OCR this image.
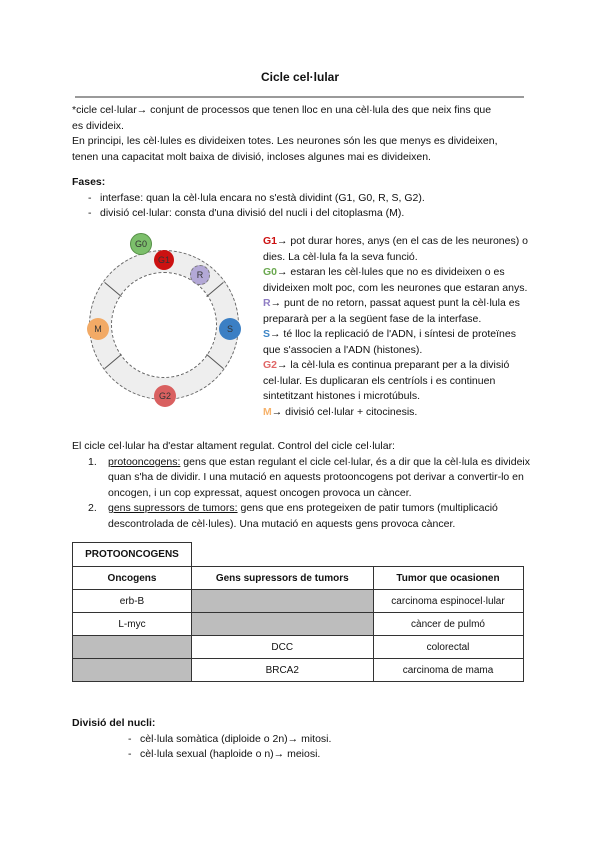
Cicle cel·lular
*cicle cel·lular→ conjunt de processos que tenen lloc en una cèl·lula des que neix fins que
es divideix.
En principi, les cèl·lules es divideixen totes. Les neurones són les que menys es divideixen,
tenen una capacitat molt baixa de divisió, incloses algunes mai es divideixen.
Fases:
- interfase: quan la cèl·lula encara no s'està dividint (G1, G0, R, S, G2).
- divisió cel·lular: consta d'una divisió del nucli i del citoplasma (M).
G0
G1
R
S
G2
M
G1→ pot durar hores, anys (en el cas de les neurones) o dies. La cèl·lula fa la seva funció.
G0→ estaran les cèl·lules que no es divideixen o es divideixen molt poc, com les neurones que estaran anys.
R→ punt de no retorn, passat aquest punt la cèl·lula es prepararà per a la següent fase de la interfase.
S→ té lloc la replicació de l'ADN, i síntesi de proteïnes que s'associen a l'ADN (histones).
G2→ la cèl·lula es continua preparant per a la divisió cel·lular. Es duplicaran els centríols i es continuen sintetitzant histones i microtúbuls.
M→ divisió cel·lular + citocinesis.
El cicle cel·lular ha d'estar altament regulat. Control del cicle cel·lular:
1. protooncogens: gens que estan regulant el cicle cel·lular, és a dir que la cèl·lula es divideix quan s'ha de dividir. I una mutació en aquests protooncogens pot derivar a convertir-lo en oncogen, i un cop expressat, aquest oncogen provoca un càncer.
2. gens supressors de tumors: gens que ens protegeixen de patir tumors (multiplicació descontrolada de cèl·lules). Una mutació en aquests gens provoca càncer.
PROTOONCOGENS		
Oncogens	Gens supressors de tumors	Tumor que ocasionen
erb-B		carcinoma espinocel·lular
L-myc		càncer de pulmó
	DCC	colorectal
	BRCA2	carcinoma de mama
Divisió del nucli:
- cèl·lula somàtica (diploide o 2n)→ mitosi.
- cèl·lula sexual (haploide o n)→ meiosi.
